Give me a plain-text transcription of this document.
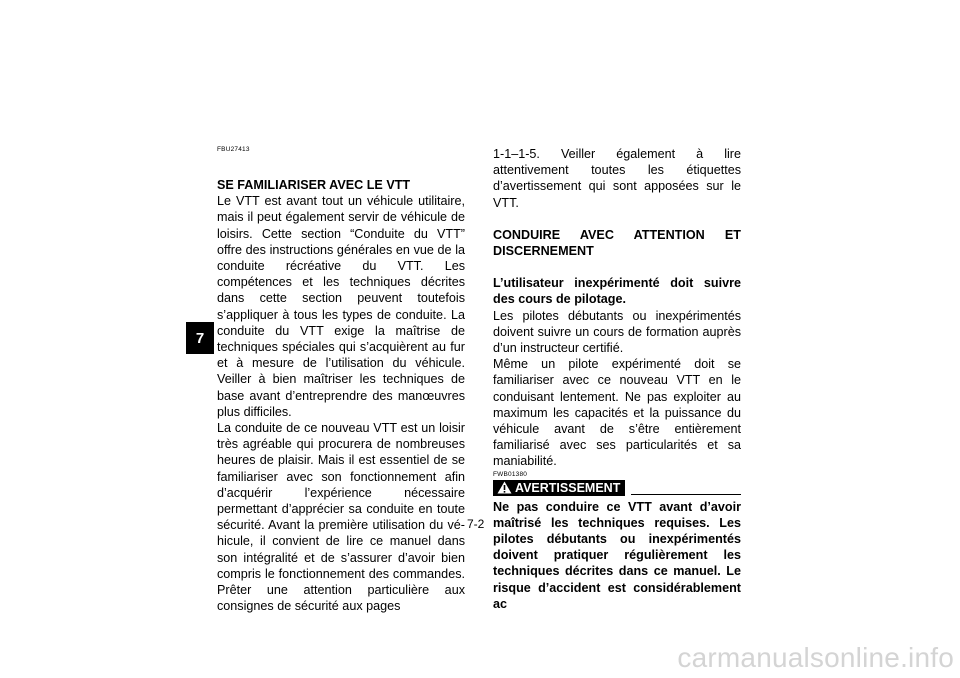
7
FBU27413

SE FAMILIARISER AVEC LE VTT

Le VTT est avant tout un véhicule utilitaire, mais il peut également servir de véhicule de loisirs. Cette section “Conduite du VTT” offre des instructions générales en vue de la conduite récréative du VTT. Les compétences et les techniques décrites dans cette section peuvent toutefois s’appliquer à tous les types de conduite. La conduite du VTT exige la maîtrise de techniques spéciales qui s’acquièrent au fur et à mesure de l’utilisation du véhicule. Veiller à bien maîtriser les techniques de base avant d’entreprendre des manœuvres plus difficiles.

La conduite de ce nouveau VTT est un loisir très agréable qui procurera de nombreuses heures de plaisir. Mais il est essentiel de se familiariser avec son fonctionnement afin d’acquérir l’expérience nécessaire permettant d’apprécier sa conduite en toute sécurité. Avant la première utilisation du véhicule, il convient de lire ce manuel dans son intégralité et de s’assurer d’avoir bien compris le fonctionnement des commandes. Prêter une attention particulière aux consignes de sécurité aux pages

1-1–1-5. Veiller également à lire attentivement toutes les étiquettes d’avertissement qui sont apposées sur le VTT.

CONDUIRE AVEC ATTENTION ET DISCERNEMENT

L’utilisateur inexpérimenté doit suivre des cours de pilotage.

Les pilotes débutants ou inexpérimentés doivent suivre un cours de formation auprès d’un instructeur certifié.

Même un pilote expérimenté doit se familiariser avec ce nouveau VTT en le conduisant lentement. Ne pas exploiter au maximum les capacités et la puissance du véhicule avant de s’être entièrement familiarisé avec ses particularités et sa maniabilité.

FWB01380
AVERTISSEMENT

Ne pas conduire ce VTT avant d’avoir maîtrisé les techniques requises. Les pilotes débutants ou inexpérimentés doivent pratiquer régulièrement les techniques décrites dans ce manuel. Le risque d’accident est considérablement ac

7-2
carmanualsonline.info
